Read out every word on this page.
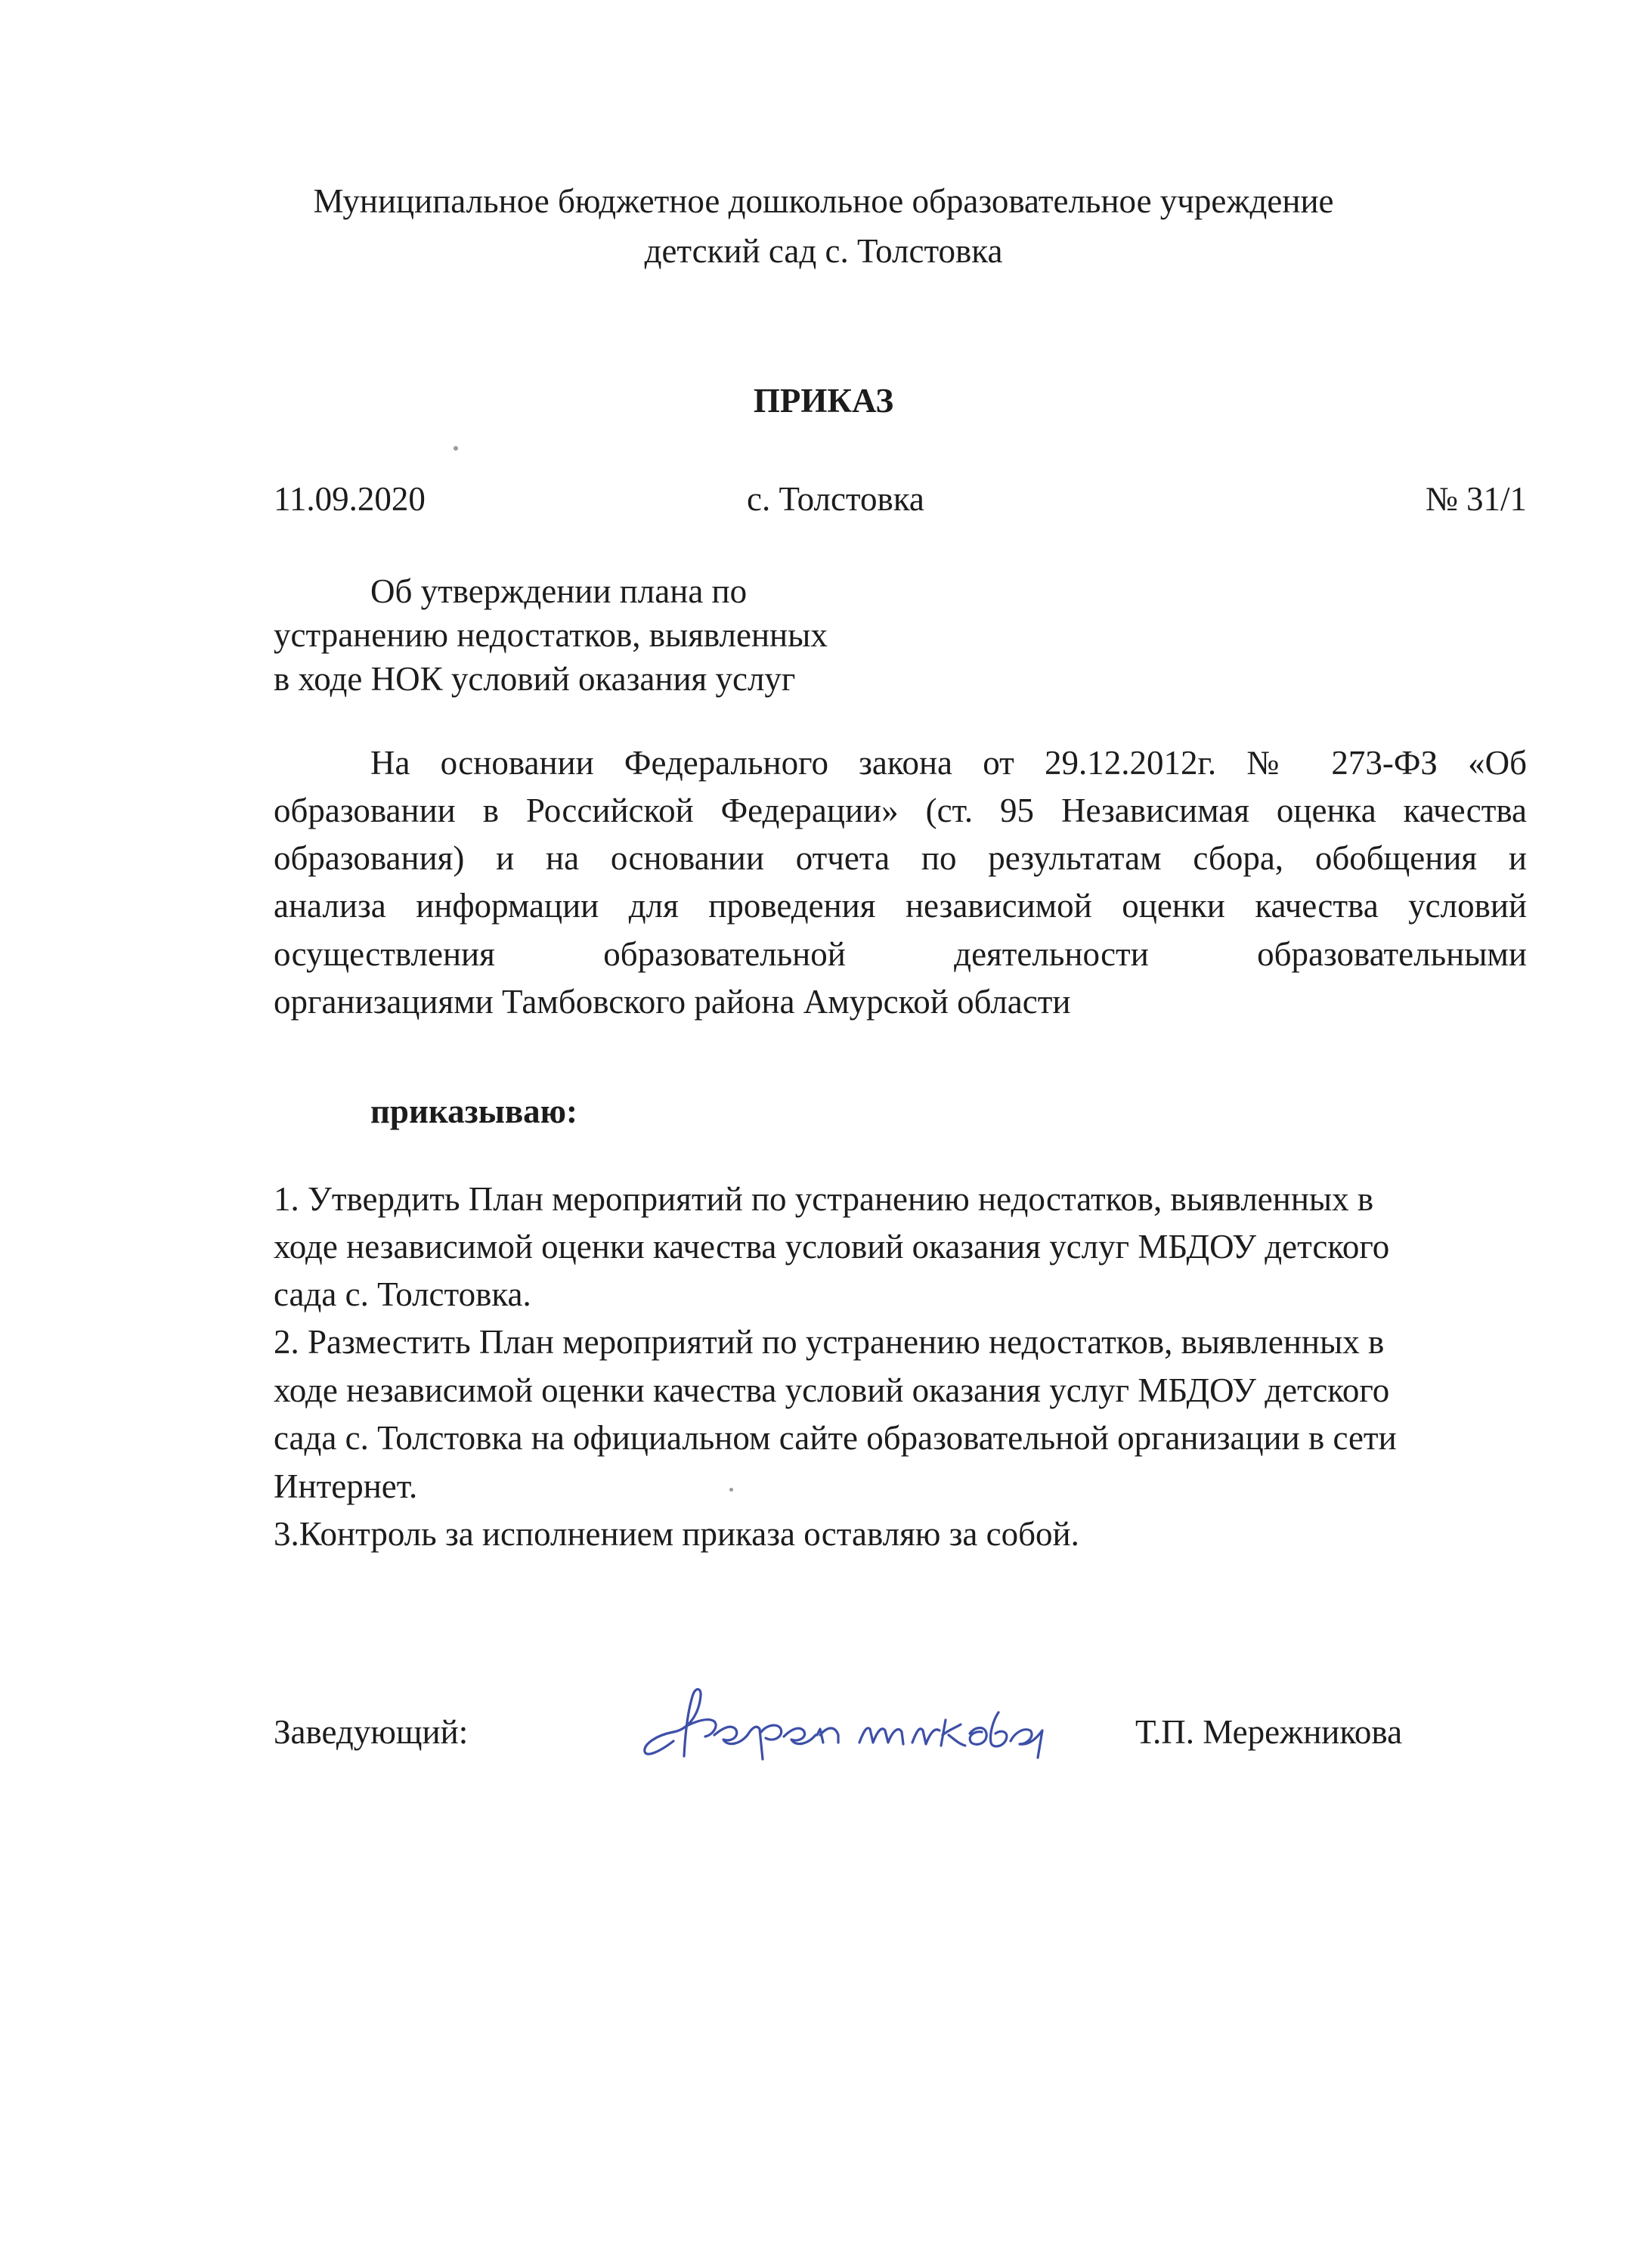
Муниципальное бюджетное дошкольное образовательное учреждение
детский сад с. Толстовка
ПРИКАЗ
11.09.2020	с. Толстовка	№ 31/1
Об утверждении плана по
устранению недостатков, выявленных
в ходе НОК условий оказания услуг
На основании Федерального закона от 29.12.2012г. № 273-ФЗ «Об
образовании в Российской Федерации» (ст. 95 Независимая оценка качества
образования) и на основании отчета по результатам сбора, обобщения и
анализа информации для проведения независимой оценки качества условий
осуществления образовательной деятельности образовательными
организациями Тамбовского района Амурской области
приказываю:
1. Утвердить План мероприятий по устранению недостатков, выявленных в
ходе независимой оценки качества условий оказания услуг МБДОУ детского
сада с. Толстовка.
2. Разместить План мероприятий по устранению недостатков, выявленных в
ходе независимой оценки качества условий оказания услуг МБДОУ детского
сада с. Толстовка на официальном сайте образовательной организации в сети
Интернет.
3.Контроль за исполнением приказа оставляю за собой.
Заведующий:	Т.П. Мережникова
